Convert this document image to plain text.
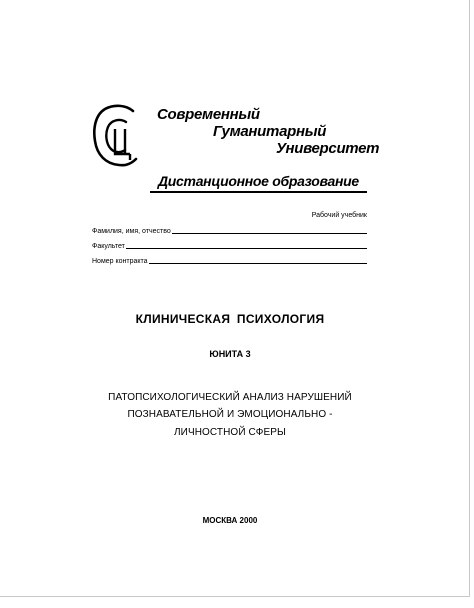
Современный
Гуманитарный
Университет
Дистанционное образование
Рабочий учебник
Фамилия, имя, отчество
Факультет
Номер контракта
КЛИНИЧЕСКАЯ ПСИХОЛОГИЯ
ЮНИТА 3
ПАТОПСИХОЛОГИЧЕСКИЙ АНАЛИЗ НАРУШЕНИЙ
ПОЗНАВАТЕЛЬНОЙ И ЭМОЦИОНАЛЬНО -
ЛИЧНОСТНОЙ СФЕРЫ
МОСКВА 2000
